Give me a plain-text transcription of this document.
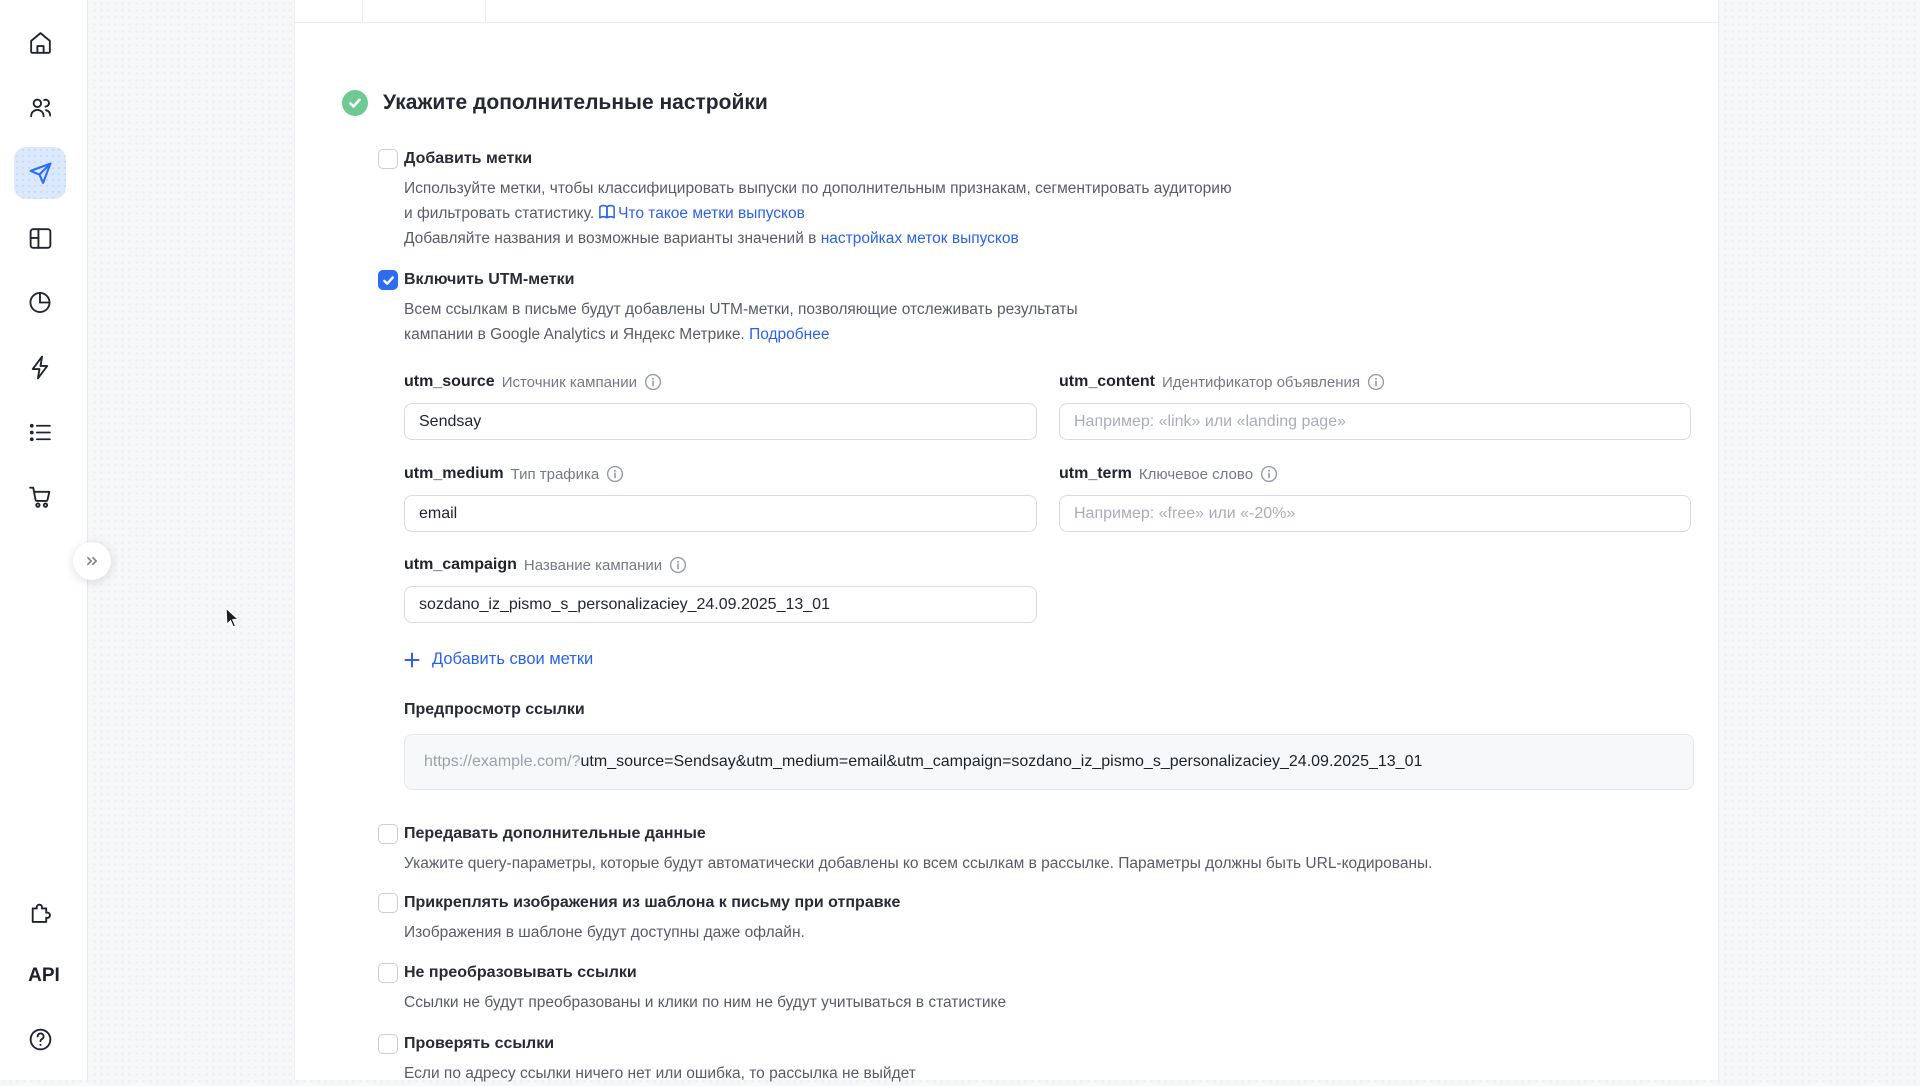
API
Укажите дополнительные настройки
Добавить метки
Используйте метки, чтобы классифицировать выпуски по дополнительным признакам, сегментировать аудиторию
и фильтровать статистику. Что такое метки выпусков
Добавляйте названия и возможные варианты значений в настройках меток выпусков
Включить UTM-метки
Всем ссылкам в письме будут добавлены UTM-метки, позволяющие отслеживать результаты
кампании в Google Analytics и Яндекс Метрике. Подробнее
utm_source Источник кампании
Sendsay	utm_content Идентификатор объявления
Например: «link» или «landing page»
utm_medium Тип трафика
email	utm_term Ключевое слово
Например: «free» или «-20%»
utm_campaign Название кампании
sozdano_iz_pismo_s_personalizaciey_24.09.2025_13_01
Добавить свои метки
Предпросмотр ссылки
https://example.com/? utm_source=Sendsay&utm_medium=email&utm_campaign=sozdano_iz_pismo_s_personalizaciey_24.09.2025_13_01
Передавать дополнительные данные
Укажите query-параметры, которые будут автоматически добавлены ко всем ссылкам в рассылке. Параметры должны быть URL-кодированы.
Прикреплять изображения из шаблона к письму при отправке
Изображения в шаблоне будут доступны даже офлайн.
Не преобразовывать ссылки
Ссылки не будут преобразованы и клики по ним не будут учитываться в статистике
Проверять ссылки
Если по адресу ссылки ничего нет или ошибка, то рассылка не выйдет
